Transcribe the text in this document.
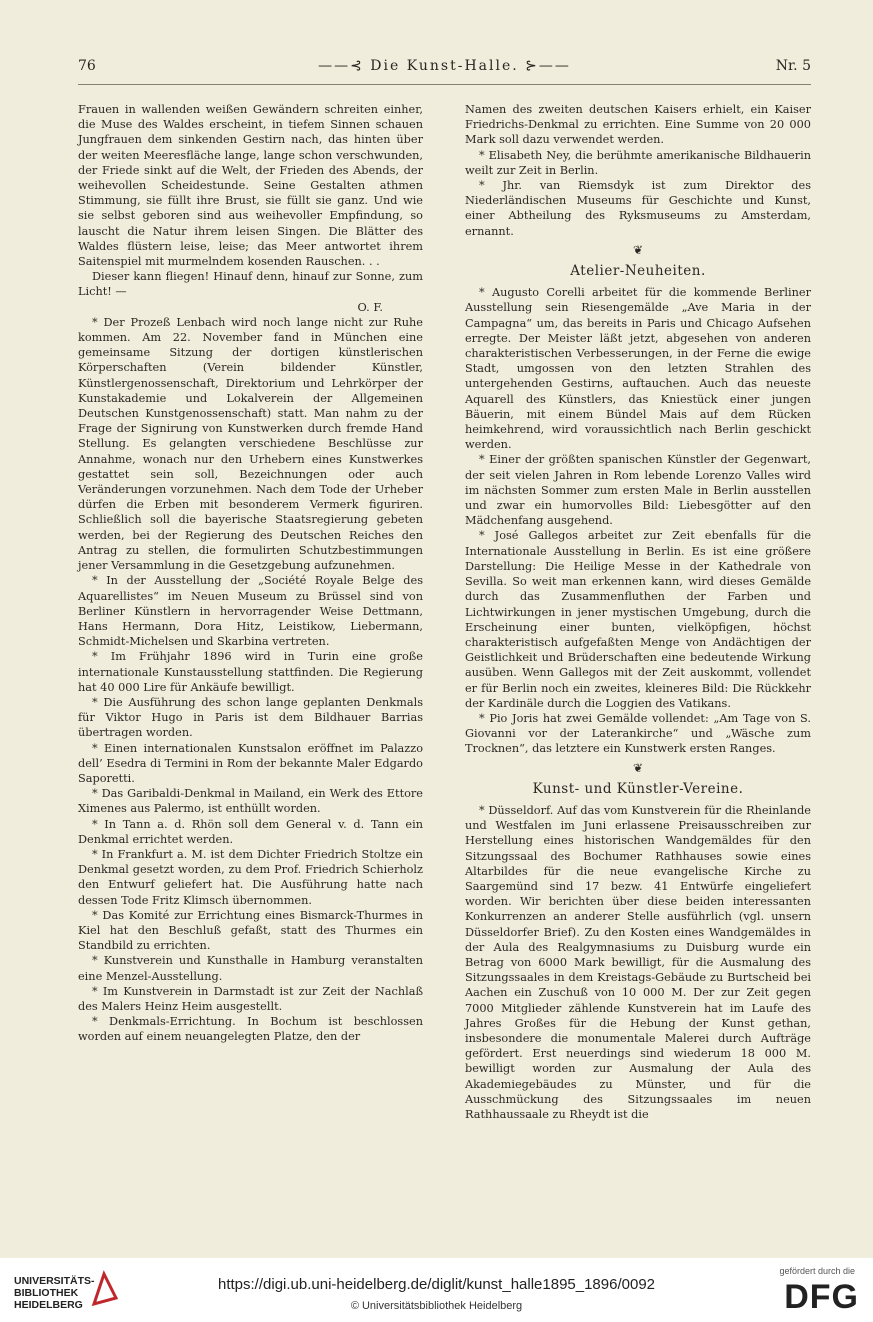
76	——⊰ Die Kunst-Halle. ⊱——	Nr. 5

Frauen in wallenden weißen Gewändern schreiten einher, die Muse des Waldes erscheint, in tiefem Sinnen schauen Jungfrauen dem sinkenden Gestirn nach, das hinten über der weiten Meeresfläche lange, lange schon verschwunden, der Friede sinkt auf die Welt, der Frieden des Abends, der weihevollen Scheidestunde. Seine Gestalten athmen Stimmung, sie füllt ihre Brust, sie füllt sie ganz. Und wie sie selbst geboren sind aus weihevoller Empfindung, so lauscht die Natur ihrem leisen Singen. Die Blätter des Waldes flüstern leise, leise; das Meer antwortet ihrem Saitenspiel mit murmelndem kosenden Rauschen. . .

Dieser kann fliegen! Hinauf denn, hinauf zur Sonne, zum Licht! —

O. F.

* Der Prozeß Lenbach wird noch lange nicht zur Ruhe kommen. Am 22. November fand in München eine gemeinsame Sitzung der dortigen künstlerischen Körperschaften (Verein bildender Künstler, Künstlergenossenschaft, Direktorium und Lehrkörper der Kunstakademie und Lokalverein der Allgemeinen Deutschen Kunstgenossenschaft) statt. Man nahm zu der Frage der Signirung von Kunstwerken durch fremde Hand Stellung. Es gelangten verschiedene Beschlüsse zur Annahme, wonach nur den Urhebern eines Kunstwerkes gestattet sein soll, Bezeichnungen oder auch Veränderungen vorzunehmen. Nach dem Tode der Urheber dürfen die Erben mit besonderem Vermerk figuriren. Schließlich soll die bayerische Staatsregierung gebeten werden, bei der Regierung des Deutschen Reiches den Antrag zu stellen, die formulirten Schutzbestimmungen jener Versammlung in die Gesetzgebung aufzunehmen.

* In der Ausstellung der „Société Royale Belge des Aquarellistes“ im Neuen Museum zu Brüssel sind von Berliner Künstlern in hervorragender Weise Dettmann, Hans Hermann, Dora Hitz, Leistikow, Liebermann, Schmidt-Michelsen und Skarbina vertreten.

* Im Frühjahr 1896 wird in Turin eine große internationale Kunstausstellung stattfinden. Die Regierung hat 40 000 Lire für Ankäufe bewilligt.

* Die Ausführung des schon lange geplanten Denkmals für Viktor Hugo in Paris ist dem Bildhauer Barrias übertragen worden.

* Einen internationalen Kunstsalon eröffnet im Palazzo dell’ Esedra di Termini in Rom der bekannte Maler Edgardo Saporetti.

* Das Garibaldi-Denkmal in Mailand, ein Werk des Ettore Ximenes aus Palermo, ist enthüllt worden.

* In Tann a. d. Rhön soll dem General v. d. Tann ein Denkmal errichtet werden.

* In Frankfurt a. M. ist dem Dichter Friedrich Stoltze ein Denkmal gesetzt worden, zu dem Prof. Friedrich Schierholz den Entwurf geliefert hat. Die Ausführung hatte nach dessen Tode Fritz Klimsch übernommen.

* Das Komité zur Errichtung eines Bismarck-Thurmes in Kiel hat den Beschluß gefaßt, statt des Thurmes ein Standbild zu errichten.

* Kunstverein und Kunsthalle in Hamburg veranstalten eine Menzel-Ausstellung.

* Im Kunstverein in Darmstadt ist zur Zeit der Nachlaß des Malers Heinz Heim ausgestellt.

* Denkmals-Errichtung. In Bochum ist beschlossen worden auf einem neuangelegten Platze, den der

Namen des zweiten deutschen Kaisers erhielt, ein Kaiser Friedrichs-Denkmal zu errichten. Eine Summe von 20 000 Mark soll dazu verwendet werden.

* Elisabeth Ney, die berühmte amerikanische Bildhauerin weilt zur Zeit in Berlin.

* Jhr. van Riemsdyk ist zum Direktor des Niederländischen Museums für Geschichte und Kunst, einer Abtheilung des Ryksmuseums zu Amsterdam, ernannt.

❦
Atelier-Neuheiten.

* Augusto Corelli arbeitet für die kommende Berliner Ausstellung sein Riesengemälde „Ave Maria in der Campagna“ um, das bereits in Paris und Chicago Aufsehen erregte. Der Meister läßt jetzt, abgesehen von anderen charakteristischen Verbesserungen, in der Ferne die ewige Stadt, umgossen von den letzten Strahlen des untergehenden Gestirns, auftauchen. Auch das neueste Aquarell des Künstlers, das Kniestück einer jungen Bäuerin, mit einem Bündel Mais auf dem Rücken heimkehrend, wird voraussichtlich nach Berlin geschickt werden.

* Einer der größten spanischen Künstler der Gegenwart, der seit vielen Jahren in Rom lebende Lorenzo Valles wird im nächsten Sommer zum ersten Male in Berlin ausstellen und zwar ein humorvolles Bild: Liebesgötter auf den Mädchenfang ausgehend.

* José Gallegos arbeitet zur Zeit ebenfalls für die Internationale Ausstellung in Berlin. Es ist eine größere Darstellung: Die Heilige Messe in der Kathedrale von Sevilla. So weit man erkennen kann, wird dieses Gemälde durch das Zusammenfluthen der Farben und Lichtwirkungen in jener mystischen Umgebung, durch die Erscheinung einer bunten, vielköpfigen, höchst charakteristisch aufgefaßten Menge von Andächtigen der Geistlichkeit und Brüderschaften eine bedeutende Wirkung ausüben. Wenn Gallegos mit der Zeit auskommt, vollendet er für Berlin noch ein zweites, kleineres Bild: Die Rückkehr der Kardinäle durch die Loggien des Vatikans.

* Pio Joris hat zwei Gemälde vollendet: „Am Tage von S. Giovanni vor der Laterankirche“ und „Wäsche zum Trocknen“, das letztere ein Kunstwerk ersten Ranges.

❦
Kunst- und Künstler-Vereine.

* Düsseldorf. Auf das vom Kunstverein für die Rheinlande und Westfalen im Juni erlassene Preisausschreiben zur Herstellung eines historischen Wandgemäldes für den Sitzungssaal des Bochumer Rathhauses sowie eines Altarbildes für die neue evangelische Kirche zu Saargemünd sind 17 bezw. 41 Entwürfe eingeliefert worden. Wir berichten über diese beiden interessanten Konkurrenzen an anderer Stelle ausführlich (vgl. unsern Düsseldorfer Brief). Zu den Kosten eines Wandgemäldes in der Aula des Realgymnasiums zu Duisburg wurde ein Betrag von 6000 Mark bewilligt, für die Ausmalung des Sitzungssaales in dem Kreistags-Gebäude zu Burtscheid bei Aachen ein Zuschuß von 10 000 M. Der zur Zeit gegen 7000 Mitglieder zählende Kunstverein hat im Laufe des Jahres Großes für die Hebung der Kunst gethan, insbesondere die monumentale Malerei durch Aufträge gefördert. Erst neuerdings sind wiederum 18 000 M. bewilligt worden zur Ausmalung der Aula des Akademiegebäudes zu Münster, und für die Ausschmückung des Sitzungssaales im neuen Rathhaussaale zu Rheydt ist die

UNIVERSITÄTS-BIBLIOTHEK HEIDELBERG
https://digi.ub.uni-heidelberg.de/diglit/kunst_halle1895_1896/0092
© Universitätsbibliothek Heidelberg
gefördert durch die
DFG
